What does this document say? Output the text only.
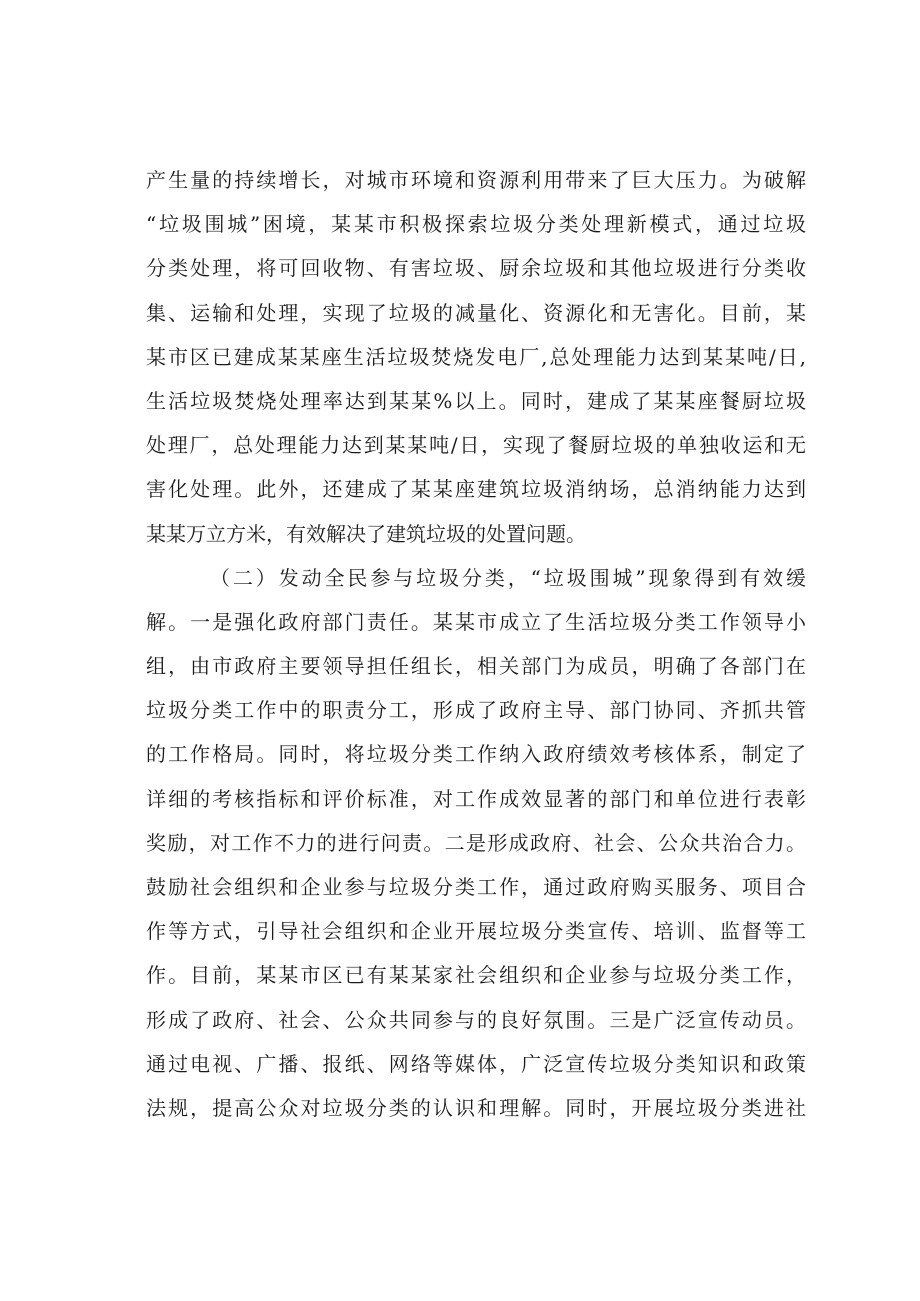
产生量的持续增长，对城市环境和资源利用带来了巨大压力。为破解
“垃圾围城”困境，某某市积极探索垃圾分类处理新模式，通过垃圾
分类处理，将可回收物、有害垃圾、厨余垃圾和其他垃圾进行分类收
集、运输和处理，实现了垃圾的减量化、资源化和无害化。目前，某
某市区已建成某某座生活垃圾焚烧发电厂,总处理能力达到某某吨/日,
生活垃圾焚烧处理率达到某某%以上。同时，建成了某某座餐厨垃圾
处理厂，总处理能力达到某某吨/日，实现了餐厨垃圾的单独收运和无
害化处理。此外，还建成了某某座建筑垃圾消纳场，总消纳能力达到
某某万立方米，有效解决了建筑垃圾的处置问题。
（二）发动全民参与垃圾分类，“垃圾围城”现象得到有效缓
解。一是强化政府部门责任。某某市成立了生活垃圾分类工作领导小
组，由市政府主要领导担任组长，相关部门为成员，明确了各部门在
垃圾分类工作中的职责分工，形成了政府主导、部门协同、齐抓共管
的工作格局。同时，将垃圾分类工作纳入政府绩效考核体系，制定了
详细的考核指标和评价标准，对工作成效显著的部门和单位进行表彰
奖励，对工作不力的进行问责。二是形成政府、社会、公众共治合力。
鼓励社会组织和企业参与垃圾分类工作，通过政府购买服务、项目合
作等方式，引导社会组织和企业开展垃圾分类宣传、培训、监督等工
作。目前，某某市区已有某某家社会组织和企业参与垃圾分类工作，
形成了政府、社会、公众共同参与的良好氛围。三是广泛宣传动员。
通过电视、广播、报纸、网络等媒体，广泛宣传垃圾分类知识和政策
法规，提高公众对垃圾分类的认识和理解。同时，开展垃圾分类进社
